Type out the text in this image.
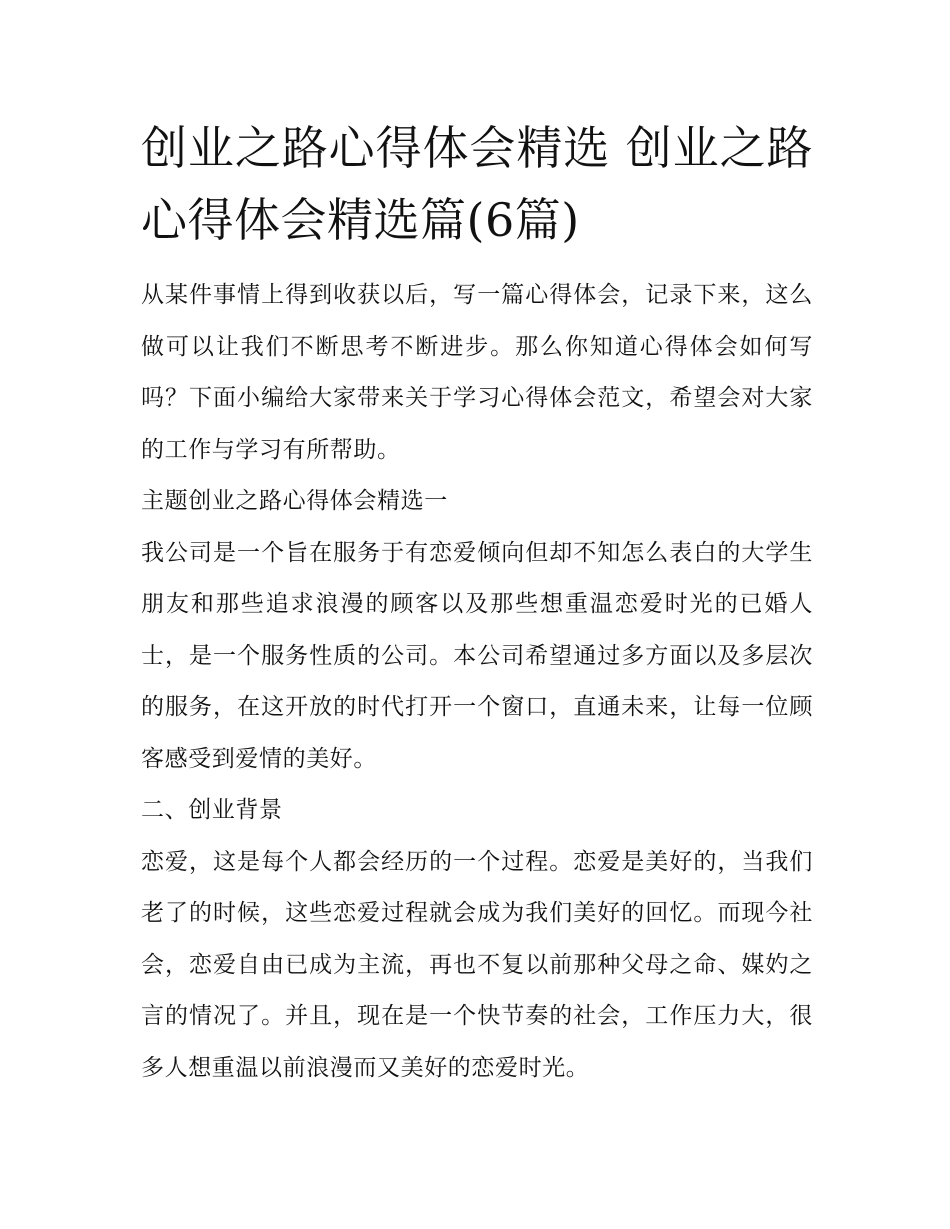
创业之路心得体会精选 创业之路心得体会精选篇(6篇)

从某件事情上得到收获以后，写一篇心得体会，记录下来，这么做可以让我们不断思考不断进步。那么你知道心得体会如何写吗？下面小编给大家带来关于学习心得体会范文，希望会对大家的工作与学习有所帮助。

主题创业之路心得体会精选一

我公司是一个旨在服务于有恋爱倾向但却不知怎么表白的大学生朋友和那些追求浪漫的顾客以及那些想重温恋爱时光的已婚人士，是一个服务性质的公司。本公司希望通过多方面以及多层次的服务，在这开放的时代打开一个窗口，直通未来，让每一位顾客感受到爱情的美好。

二、创业背景

恋爱，这是每个人都会经历的一个过程。恋爱是美好的，当我们老了的时候，这些恋爱过程就会成为我们美好的回忆。而现今社会，恋爱自由已成为主流，再也不复以前那种父母之命、媒妁之言的情况了。并且，现在是一个快节奏的社会，工作压力大，很多人想重温以前浪漫而又美好的恋爱时光。
